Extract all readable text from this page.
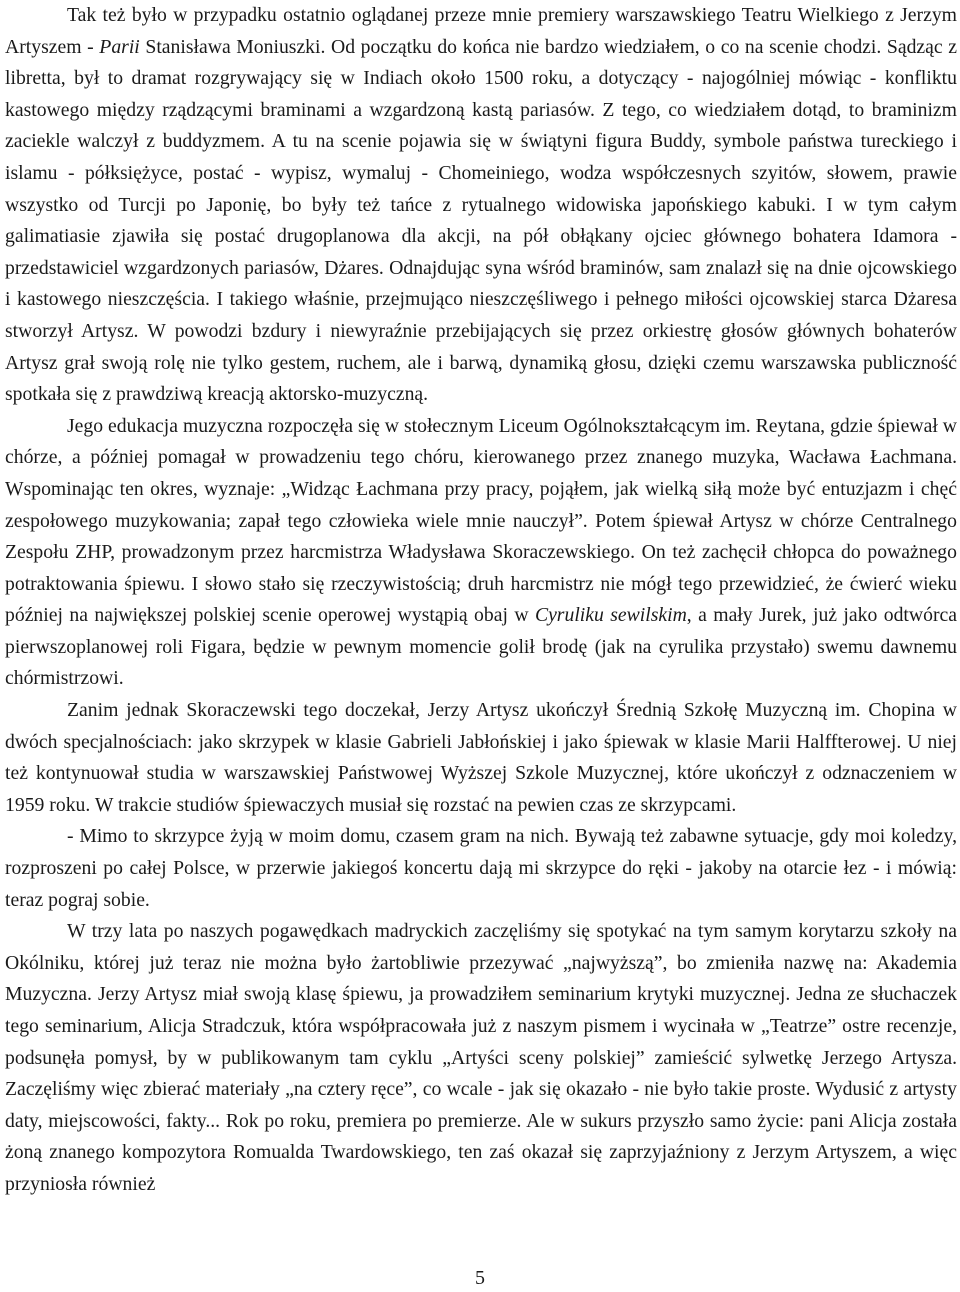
Tak też było w przypadku ostatnio oglądanej przeze mnie premiery warszawskiego Teatru Wielkiego z Jerzym Artyszem - Parii Stanisława Moniuszki. Od początku do końca nie bardzo wiedziałem, o co na scenie chodzi. Sądząc z libretta, był to dramat rozgrywający się w Indiach około 1500 roku, a dotyczący - najogólniej mówiąc - konfliktu kastowego między rządzącymi braminami a wzgardzoną kastą pariasów. Z tego, co wiedziałem dotąd, to braminizm zaciekle walczył z buddyzmem. A tu na scenie pojawia się w świątyni figura Buddy, symbole państwa tureckiego i islamu - półksiężyce, postać - wypisz, wymaluj - Chomeiniego, wodza współczesnych szyitów, słowem, prawie wszystko od Turcji po Japonię, bo były też tańce z rytualnego widowiska japońskiego kabuki. I w tym całym galimatiasie zjawiła się postać drugoplanowa dla akcji, na pół obłąkany ojciec głównego bohatera Idamora - przedstawiciel wzgardzonych pariasów, Dżares. Odnajdując syna wśród braminów, sam znalazł się na dnie ojcowskiego i kastowego nieszczęścia. I takiego właśnie, przejmująco nieszczęśliwego i pełnego miłości ojcowskiej starca Dżaresa stworzył Artysz. W powodzi bzdury i niewyraźnie przebijających się przez orkiestrę głosów głównych bohaterów Artysz grał swoją rolę nie tylko gestem, ruchem, ale i barwą, dynamiką głosu, dzięki czemu warszawska publiczność spotkała się z prawdziwą kreacją aktorsko-muzyczną.

Jego edukacja muzyczna rozpoczęła się w stołecznym Liceum Ogólnokształcącym im. Reytana, gdzie śpiewał w chórze, a później pomagał w prowadzeniu tego chóru, kierowanego przez znanego muzyka, Wacława Łachmana. Wspominając ten okres, wyznaje: „Widząc Łachmana przy pracy, pojąłem, jak wielką siłą może być entuzjazm i chęć zespołowego muzykowania; zapał tego człowieka wiele mnie nauczył”. Potem śpiewał Artysz w chórze Centralnego Zespołu ZHP, prowadzonym przez harcmistrza Władysława Skoraczewskiego. On też zachęcił chłopca do poważnego potraktowania śpiewu. I słowo stało się rzeczywistością; druh harcmistrz nie mógł tego przewidzieć, że ćwierć wieku później na największej polskiej scenie operowej wystąpią obaj w Cyruliku sewilskim, a mały Jurek, już jako odtwórca pierwszoplanowej roli Figara, będzie w pewnym momencie golił brodę (jak na cyrulika przystało) swemu dawnemu chórmistrzowi.

Zanim jednak Skoraczewski tego doczekał, Jerzy Artysz ukończył Średnią Szkołę Muzyczną im. Chopina w dwóch specjalnościach: jako skrzypek w klasie Gabrieli Jabłońskiej i jako śpiewak w klasie Marii Halffterowej. U niej też kontynuował studia w warszawskiej Państwowej Wyższej Szkole Muzycznej, które ukończył z odznaczeniem w 1959 roku. W trakcie studiów śpiewaczych musiał się rozstać na pewien czas ze skrzypcami.

- Mimo to skrzypce żyją w moim domu, czasem gram na nich. Bywają też zabawne sytuacje, gdy moi koledzy, rozproszeni po całej Polsce, w przerwie jakiegoś koncertu dają mi skrzypce do ręki - jakoby na otarcie łez - i mówią: teraz pograj sobie.

W trzy lata po naszych pogawędkach madryckich zaczęliśmy się spotykać na tym samym korytarzu szkoły na Okólniku, której już teraz nie można było żartobliwie przezywać „najwyższą”, bo zmieniła nazwę na: Akademia Muzyczna. Jerzy Artysz miał swoją klasę śpiewu, ja prowadziłem seminarium krytyki muzycznej. Jedna ze słuchaczek tego seminarium, Alicja Stradczuk, która współpracowała już z naszym pismem i wycinała w „Teatrze” ostre recenzje, podsunęła pomysł, by w publikowanym tam cyklu „Artyści sceny polskiej” zamieścić sylwetkę Jerzego Artysza. Zaczęliśmy więc zbierać materiały „na cztery ręce”, co wcale - jak się okazało - nie było takie proste. Wydusić z artysty daty, miejscowości, fakty... Rok po roku, premiera po premierze. Ale w sukurs przyszło samo życie: pani Alicja została żoną znanego kompozytora Romualda Twardowskiego, ten zaś okazał się zaprzyjaźniony z Jerzym Artyszem, a więc przyniosła również

5
